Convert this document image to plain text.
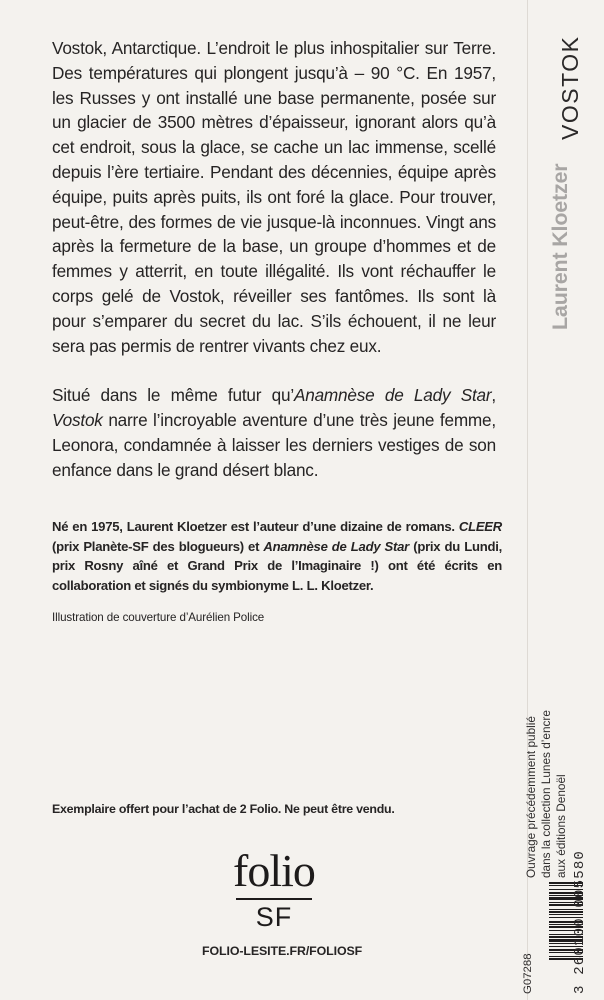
Vostok, Antarctique. L’endroit le plus inhospitalier sur Terre. Des températures qui plongent jusqu’à – 90 °C. En 1957, les Russes y ont installé une base permanente, posée sur un glacier de 3500 mètres d’épaisseur, ignorant alors qu’à cet endroit, sous la glace, se cache un lac immense, scellé depuis l’ère tertiaire. Pendant des décennies, équipe après équipe, puits après puits, ils ont foré la glace. Pour trouver, peut-être, des formes de vie jusque-là inconnues. Vingt ans après la fermeture de la base, un groupe d’hommes et de femmes y atterrit, en toute illégalité. Ils vont réchauffer le corps gelé de Vostok, réveiller ses fantômes. Ils sont là pour s’emparer du secret du lac. S’ils échouent, il ne leur sera pas permis de rentrer vivants chez eux.

Situé dans le même futur qu’Anamnèse de Lady Star, Vostok narre l’incroyable aventure d’une très jeune femme, Leonora, condamnée à laisser les derniers vestiges de son enfance dans le grand désert blanc.

Né en 1975, Laurent Kloetzer est l’auteur d’une dizaine de romans. CLEER (prix Planète-SF des blogueurs) et Anamnèse de Lady Star (prix du Lundi, prix Rosny aîné et Grand Prix de l’Imaginaire !) ont été écrits en collaboration et signés du symbionyme L. L. Kloetzer.
Illustration de couverture d’Aurélien Police
Exemplaire offert pour l’achat de 2 Folio. Ne peut être vendu.
folio
SF
FOLIO-LESITE.FR/FOLIOSF
VOSTOK
Laurent Kloetzer
Ouvrage précédemment publié dans la collection Lunes d’encre aux éditions Denoël
G07288	3 260100 005580
